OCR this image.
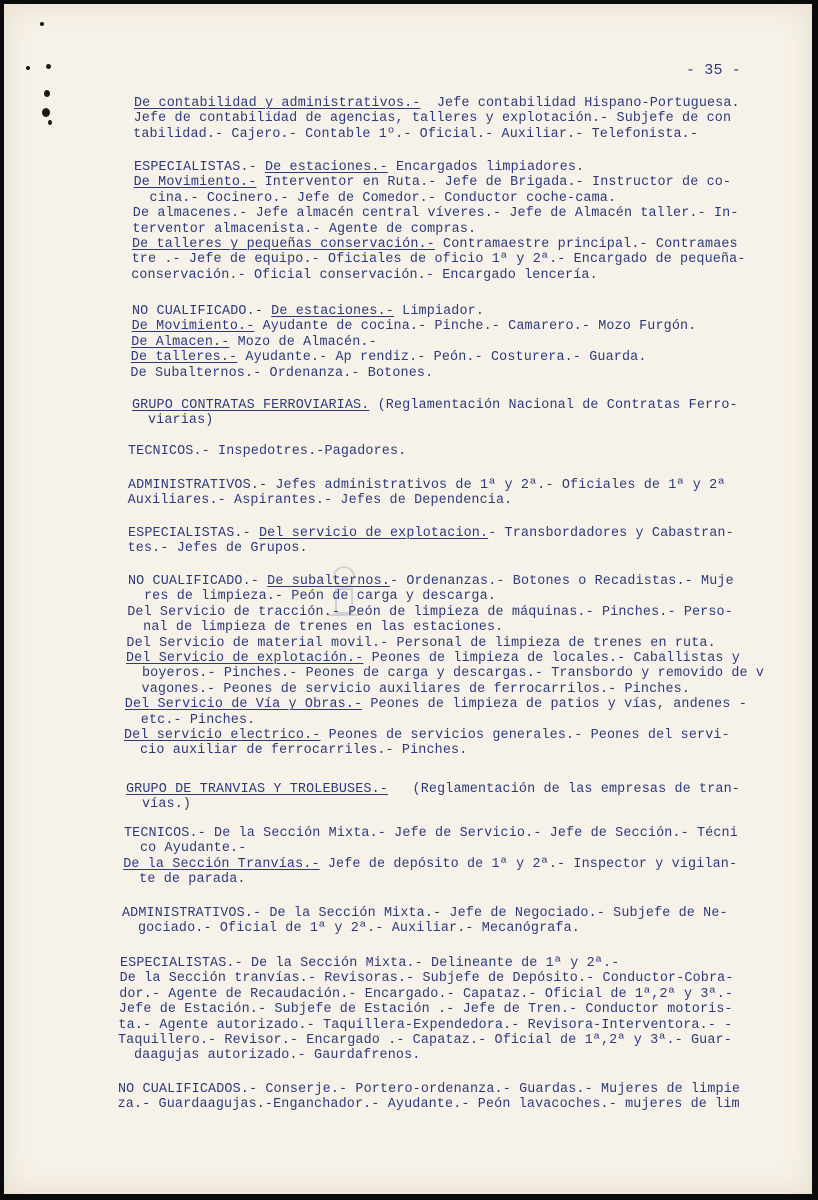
- 35 -
De contabilidad y administrativos.-  Jefe contabilidad Hispano-Portuguesa.
Jefe de contabilidad de agencias, talleres y explotación.- Subjefe de con
tabilidad.- Cajero.- Contable 1º.- Oficial.- Auxiliar.- Telefonista.-
ESPECIALISTAS.- De estaciones.- Encargados limpiadores.
De Movimiento.- Interventor en Ruta.- Jefe de Brigada.- Instructor de co-
cina.- Cocinero.- Jefe de Comedor.- Conductor coche-cama.
De almacenes.- Jefe almacén central víveres.- Jefe de Almacén taller.- In-
terventor almacenista.- Agente de compras.
De talleres y pequeñas conservación.- Contramaestre principal.- Contramaes
tre .- Jefe de equipo.- Oficiales de oficio 1ª y 2ª.- Encargado de pequeña-
conservación.- Oficial conservación.- Encargado lencería.
NO CUALIFICADO.- De estaciones.- Limpiador.
De Movimiento.- Ayudante de cocina.- Pinche.- Camarero.- Mozo Furgón.
De Almacen.- Mozo de Almacén.-
De talleres.- Ayudante.- Ap rendiz.- Peón.- Costurera.- Guarda.
De Subalternos.- Ordenanza.- Botones.
GRUPO CONTRATAS FERROVIARIAS. (Reglamentación Nacional de Contratas Ferro-
viarias)
TECNICOS.- Inspedotres.-Pagadores.
ADMINISTRATIVOS.- Jefes administrativos de 1ª y 2ª.- Oficiales de 1ª y 2ª
Auxiliares.- Aspirantes.- Jefes de Dependencia.
ESPECIALISTAS.- Del servicio de explotacion.- Transbordadores y Cabastran-
tes.- Jefes de Grupos.
NO CUALIFICADO.- De subalternos.- Ordenanzas.- Botones o Recadistas.- Muje
res de limpieza.- Peón de carga y descarga.
Del Servicio de tracción.- Peón de limpieza de máquinas.- Pinches.- Perso-
nal de limpieza de trenes en las estaciones.
Del Servicio de material movil.- Personal de limpieza de trenes en ruta.
Del Servicio de explotación.- Peones de limpieza de locales.- Caballistas y
boyeros.- Pinches.- Peones de carga y descargas.- Transbordo y removido de v
vagones.- Peones de servicio auxiliares de ferrocarrilos.- Pinches.
Del Servicio de Vía y Obras.- Peones de limpieza de patios y vías, andenes -
etc.- Pinches.
Del servicio electrico.- Peones de servicios generales.- Peones del servi-
cio auxiliar de ferrocarriles.- Pinches.
GRUPO DE TRANVIAS Y TROLEBUSES.-   (Reglamentación de las empresas de tran-
vías.)
TECNICOS.- De la Sección Mixta.- Jefe de Servicio.- Jefe de Sección.- Técni
co Ayudante.-
De la Sección Tranvías.- Jefe de depósito de 1ª y 2ª.- Inspector y vigilan-
te de parada.
ADMINISTRATIVOS.- De la Sección Mixta.- Jefe de Negociado.- Subjefe de Ne-
gociado.- Oficial de 1ª y 2ª.- Auxiliar.- Mecanógrafa.
ESPECIALISTAS.- De la Sección Mixta.- Delineante de 1ª y 2ª.-
De la Sección tranvías.- Revisoras.- Subjefe de Depósito.- Conductor-Cobra-
dor.- Agente de Recaudación.- Encargado.- Capataz.- Oficial de 1ª,2ª y 3ª.-
Jefe de Estación.- Subjefe de Estación .- Jefe de Tren.- Conductor motoris-
ta.- Agente autorizado.- Taquillera-Expendedora.- Revisora-Interventora.- -
Taquillero.- Revisor.- Encargado .- Capataz.- Oficial de 1ª,2ª y 3ª.- Guar-
daagujas autorizado.- Gaurdafrenos.
NO CUALIFICADOS.- Conserje.- Portero-ordenanza.- Guardas.- Mujeres de limpie
za.- Guardaagujas.-Enganchador.- Ayudante.- Peón lavacoches.- mujeres de lim
